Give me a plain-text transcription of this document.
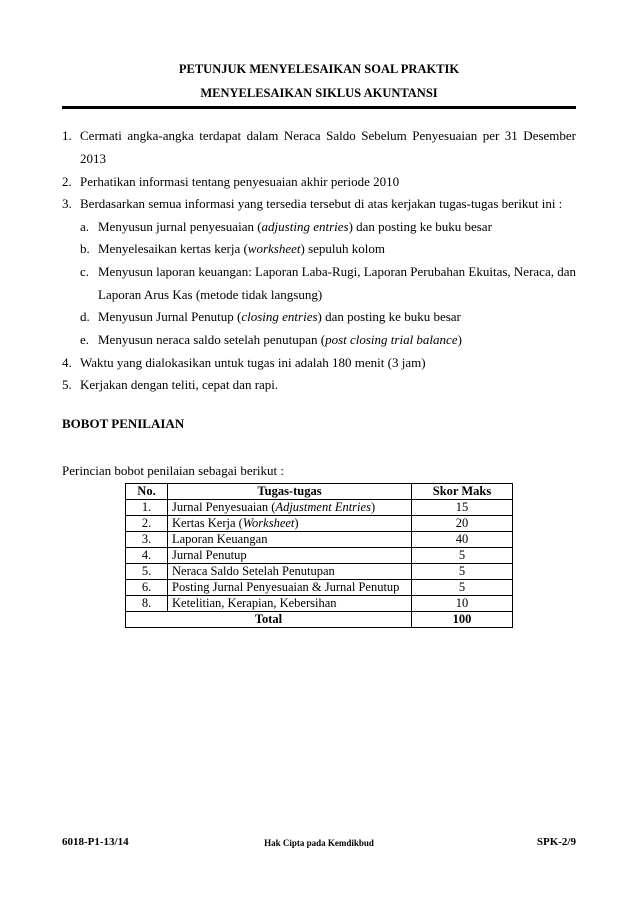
PETUNJUK MENYELESAIKAN SOAL PRAKTIK
MENYELESAIKAN SIKLUS AKUNTANSI
1. Cermati angka-angka terdapat dalam Neraca Saldo Sebelum Penyesuaian per 31 Desember
2013
2. Perhatikan informasi tentang penyesuaian akhir periode 2010
3. Berdasarkan semua informasi yang tersedia tersebut di atas kerjakan tugas-tugas berikut ini :
a. Menyusun jurnal penyesuaian (adjusting entries) dan posting ke buku besar
b. Menyelesaikan kertas kerja (worksheet) sepuluh kolom
c. Menyusun laporan keuangan: Laporan Laba-Rugi, Laporan Perubahan Ekuitas, Neraca, dan
Laporan Arus Kas (metode tidak langsung)
d. Menyusun Jurnal Penutup (closing entries) dan posting ke buku besar
e. Menyusun neraca saldo setelah penutupan (post closing trial balance)
4. Waktu yang dialokasikan untuk tugas ini adalah 180 menit (3 jam)
5. Kerjakan dengan teliti, cepat dan rapi.
BOBOT PENILAIAN
Perincian bobot penilaian sebagai berikut :
No.	Tugas-tugas	Skor Maks
1.	Jurnal Penyesuaian (Adjustment Entries)	15
2.	Kertas Kerja (Worksheet)	20
3.	Laporan Keuangan	40
4.	Jurnal Penutup	5
5.	Neraca Saldo Setelah Penutupan	5
6.	Posting Jurnal Penyesuaian & Jurnal Penutup	5
8.	Ketelitian, Kerapian, Kebersihan	10
Total		100
6018-P1-13/14	Hak Cipta pada Kemdikbud	SPK-2/9
